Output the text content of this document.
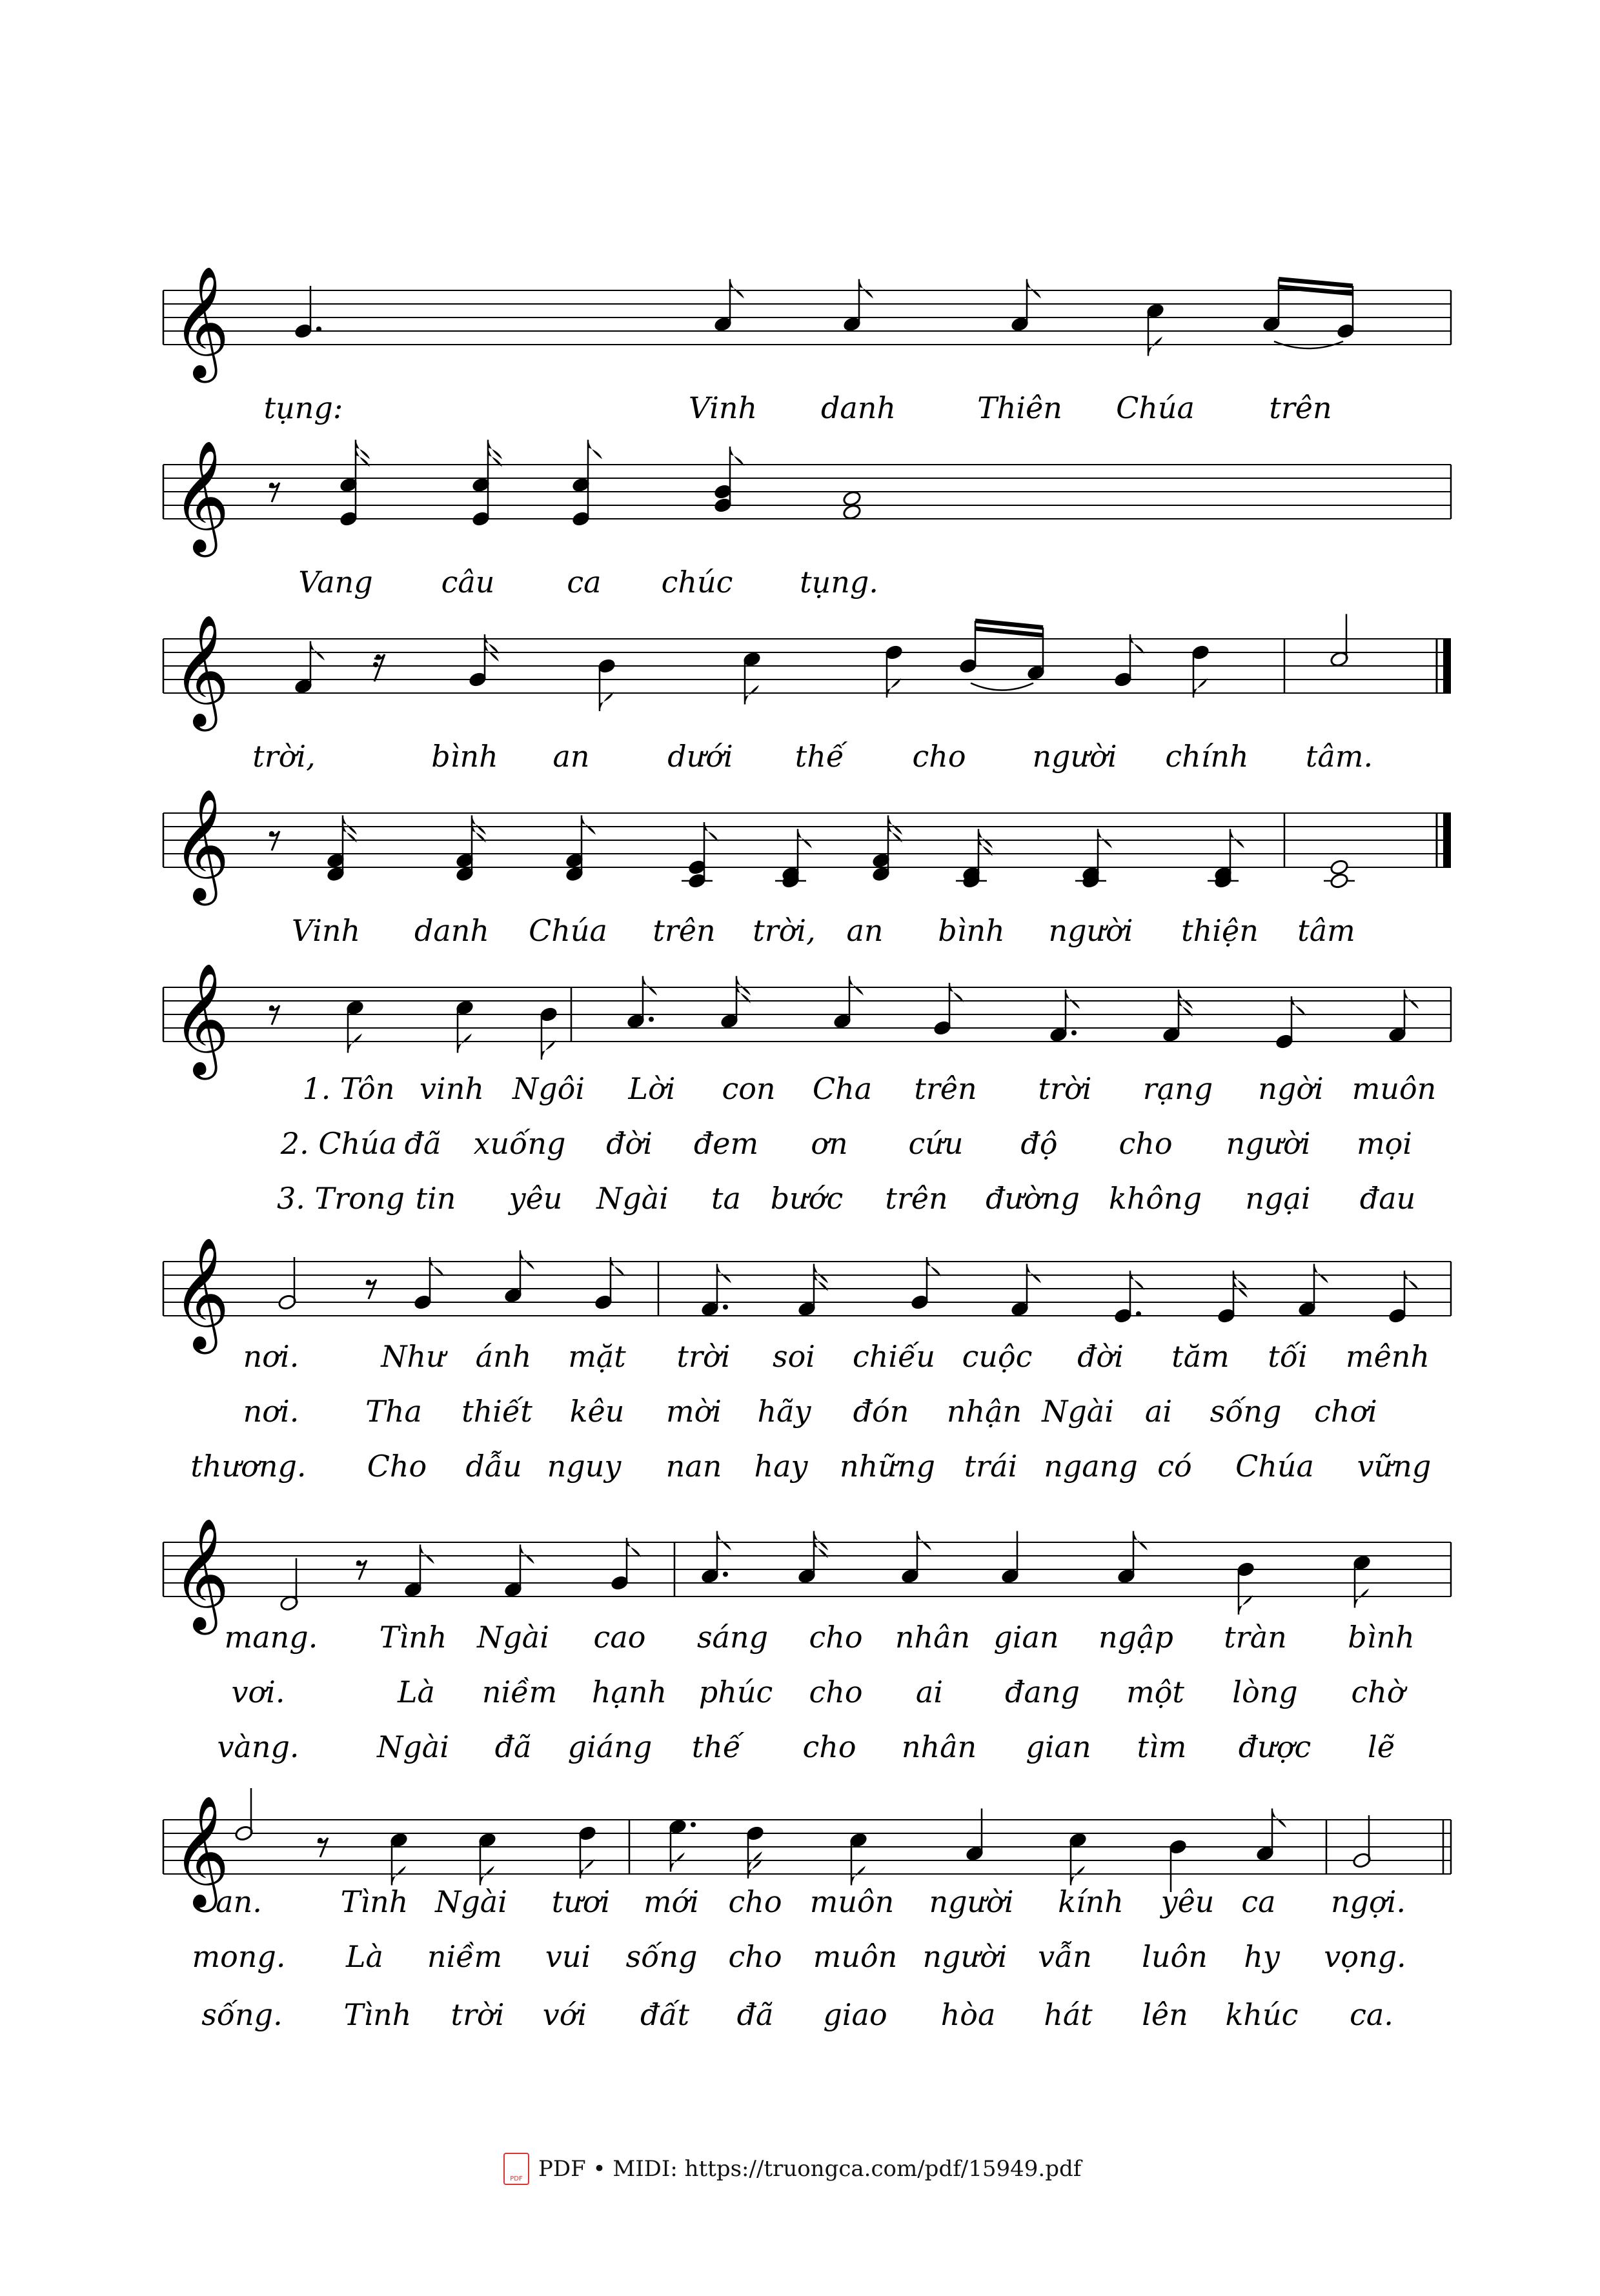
𝄞
𝄞
𝄞
𝄞
𝄞
𝄞
𝄞
𝄞
tụng:	Vinh danh	Thiên Chúa	trên
Vang câu ca chúc tụng.
trời,	bình an	dưới thế cho người chính tâm.
Vinh danh Chúa trên trời, an bình người thiện tâm
1. Tôn vinh Ngôi Lời con Cha trên trời rạng ngời muôn
2. Chúa đã xuống đời đem ơn cứu độ cho người mọi
3. Trong tin yêu Ngài ta bước trên đường không ngại đau
nơi.	Như ánh mặt trời soi chiếu cuộc đời tăm tối mênh
nơi. Tha thiết kêu mời hãy đón nhận Ngài ai sống chơi
thương. Cho dẫu nguy nan hay những trái ngang có Chúa vững
mang. Tình Ngài cao sáng cho nhân gian ngập tràn bình
vơi.	Là niềm hạnh phúc cho ai đang một lòng chờ
vàng.	Ngài đã giáng thế cho nhân gian tìm được lẽ
an.	Tình Ngài tươi mới cho muôn người kính yêu ca ngợi.
mong. Là niềm vui sống cho muôn người vẫn luôn hy vọng.
sống. Tình trời với đất đã giao hòa hát lên khúc ca.
PDF
PDF • MIDI: https://truongca.com/pdf/15949.pdf
